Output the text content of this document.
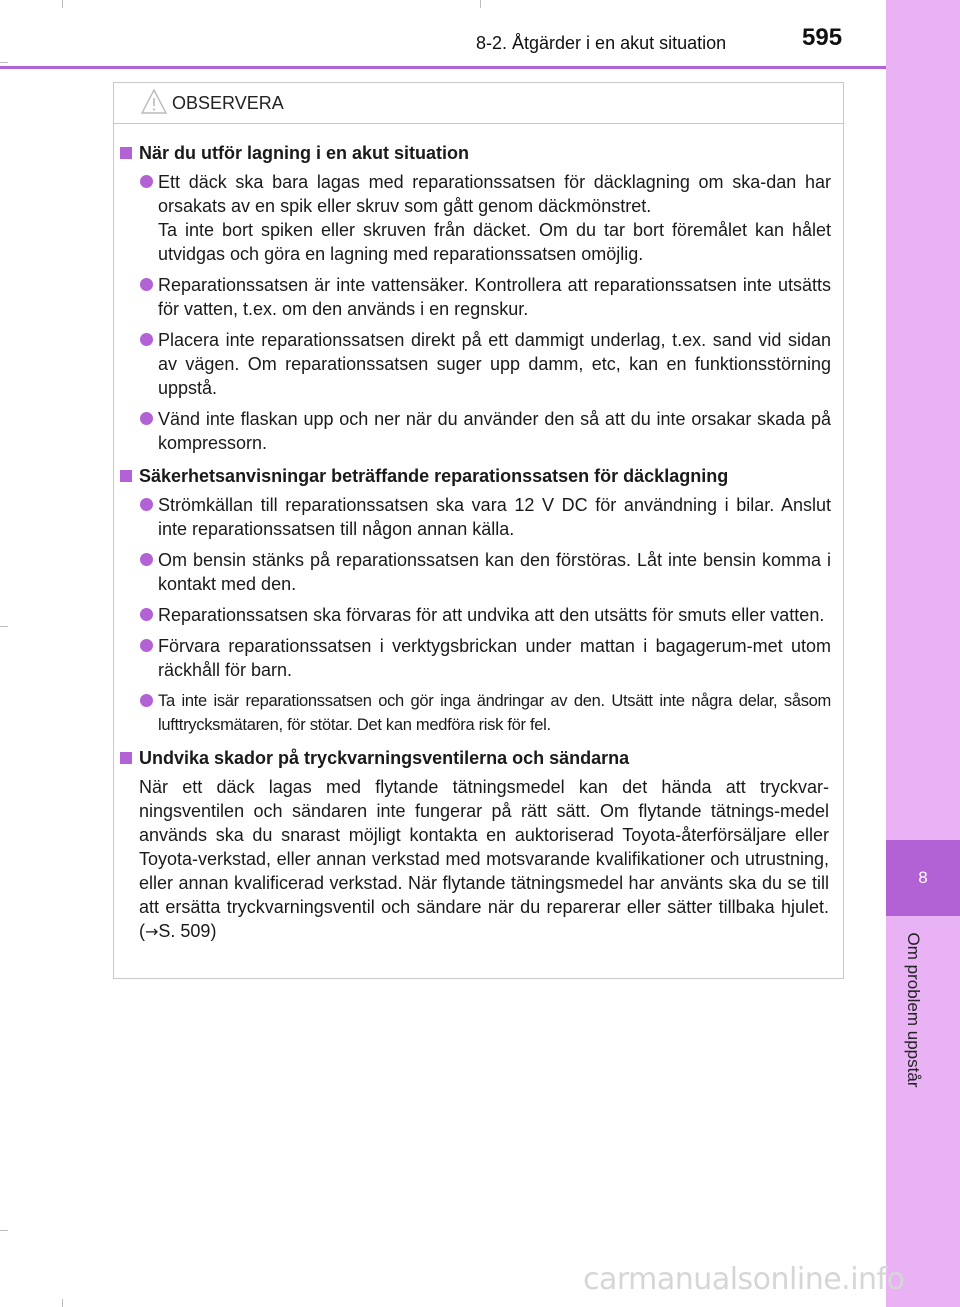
8-2. Åtgärder i en akut situation	595
8
Om problem uppstår
OBSERVERA
När du utför lagning i en akut situation
Ett däck ska bara lagas med reparationssatsen för däcklagning om ska-dan har orsakats av en spik eller skruv som gått genom däckmönstret.
Ta inte bort spiken eller skruven från däcket. Om du tar bort föremålet kan hålet utvidgas och göra en lagning med reparationssatsen omöjlig.
Reparationssatsen är inte vattensäker. Kontrollera att reparationssatsen inte utsätts för vatten, t.ex. om den används i en regnskur.
Placera inte reparationssatsen direkt på ett dammigt underlag, t.ex. sand vid sidan av vägen. Om reparationssatsen suger upp damm, etc, kan en funktionsstörning uppstå.
Vänd inte flaskan upp och ner när du använder den så att du inte orsakar skada på kompressorn.
Säkerhetsanvisningar beträffande reparationssatsen för däcklagning
Strömkällan till reparationssatsen ska vara 12 V DC för användning i bilar. Anslut inte reparationssatsen till någon annan källa.
Om bensin stänks på reparationssatsen kan den förstöras. Låt inte bensin komma i kontakt med den.
Reparationssatsen ska förvaras för att undvika att den utsätts för smuts eller vatten.
Förvara reparationssatsen i verktygsbrickan under mattan i bagagerum-met utom räckhåll för barn.
Ta inte isär reparationssatsen och gör inga ändringar av den. Utsätt inte några delar, såsom lufttrycksmätaren, för stötar. Det kan medföra risk för fel.
Undvika skador på tryckvarningsventilerna och sändarna

När ett däck lagas med flytande tätningsmedel kan det hända att tryckvar-ningsventilen och sändaren inte fungerar på rätt sätt. Om flytande tätnings-medel används ska du snarast möjligt kontakta en auktoriserad Toyota-återförsäljare eller Toyota-verkstad, eller annan verkstad med motsvarande kvalifikationer och utrustning, eller annan kvalificerad verkstad. När flytande tätningsmedel har använts ska du se till att ersätta tryckvarningsventil och sändare när du reparerar eller sätter tillbaka hjulet. (→S. 509)

carmanualsonline.info
